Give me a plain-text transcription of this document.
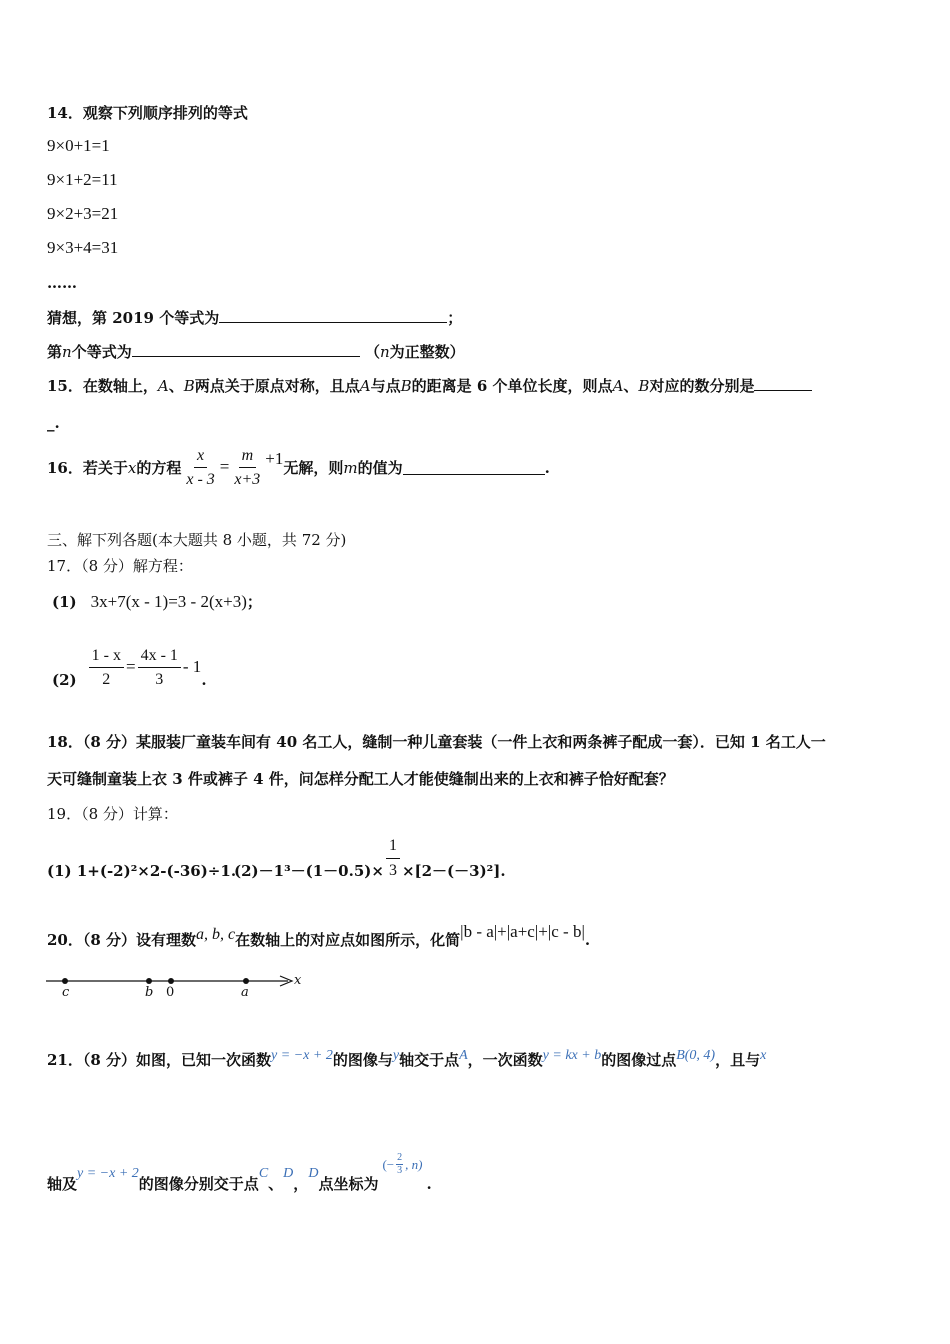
14．观察下列顺序排列的等式
9×0+1=1
9×1+2=11
9×2+3=21
9×3+4=31
……
猜想，第 2019 个等式为	；
第n个等式为	（n为正整数）
15．在数轴上，A、B两点关于原点对称，且点A与点B的距离是 6 个单位长度，则点A、B对应的数分别是
_.
16．若关于 x 的方程 $\frac{x}{x - 3} = \frac{m}{x+3} +1$ 无解，则 m 的值为	.
三、解下列各题(本大题共 8 小题，共 72 分)
17．（8 分）解方程：
(1) 3x+7(x - 1)=3 - 2(x+3) ；
$(2) \frac{1 - x}{2} = \frac{4x - 1}{3} - 1$
.
18．（8 分）某服装厂童装车间有 40 名工人，缝制一种儿童套装（一件上衣和两条裤子配成一套）．已知 1 名工人一
天可缝制童装上衣 3 件或裤子 4 件，问怎样分配工人才能使缝制出来的上衣和裤子恰好配套？
19．（8 分）计算：
(1) 1+(-2)²×2-(-36)÷1.
$(2)-1^3-(1-0.5)\times \frac{1}{3} \times[2-(-3)^2]$.
20．（8 分）设有理数a, b, c在数轴上的对应点如图所示，化简|b - a|+|a+c|+|c - b|.
c	b 0	a
x
21．（8 分）如图，已知一次函数y = −x + 2的图像与y轴交于点A，一次函数y = kx + b的图像过点B(0, 4)，且与x
轴及
y = −x + 2
的图像分别交于点
C
、
D
，
D
点坐标为
(− $\frac{2}{3}$ , n)
.
